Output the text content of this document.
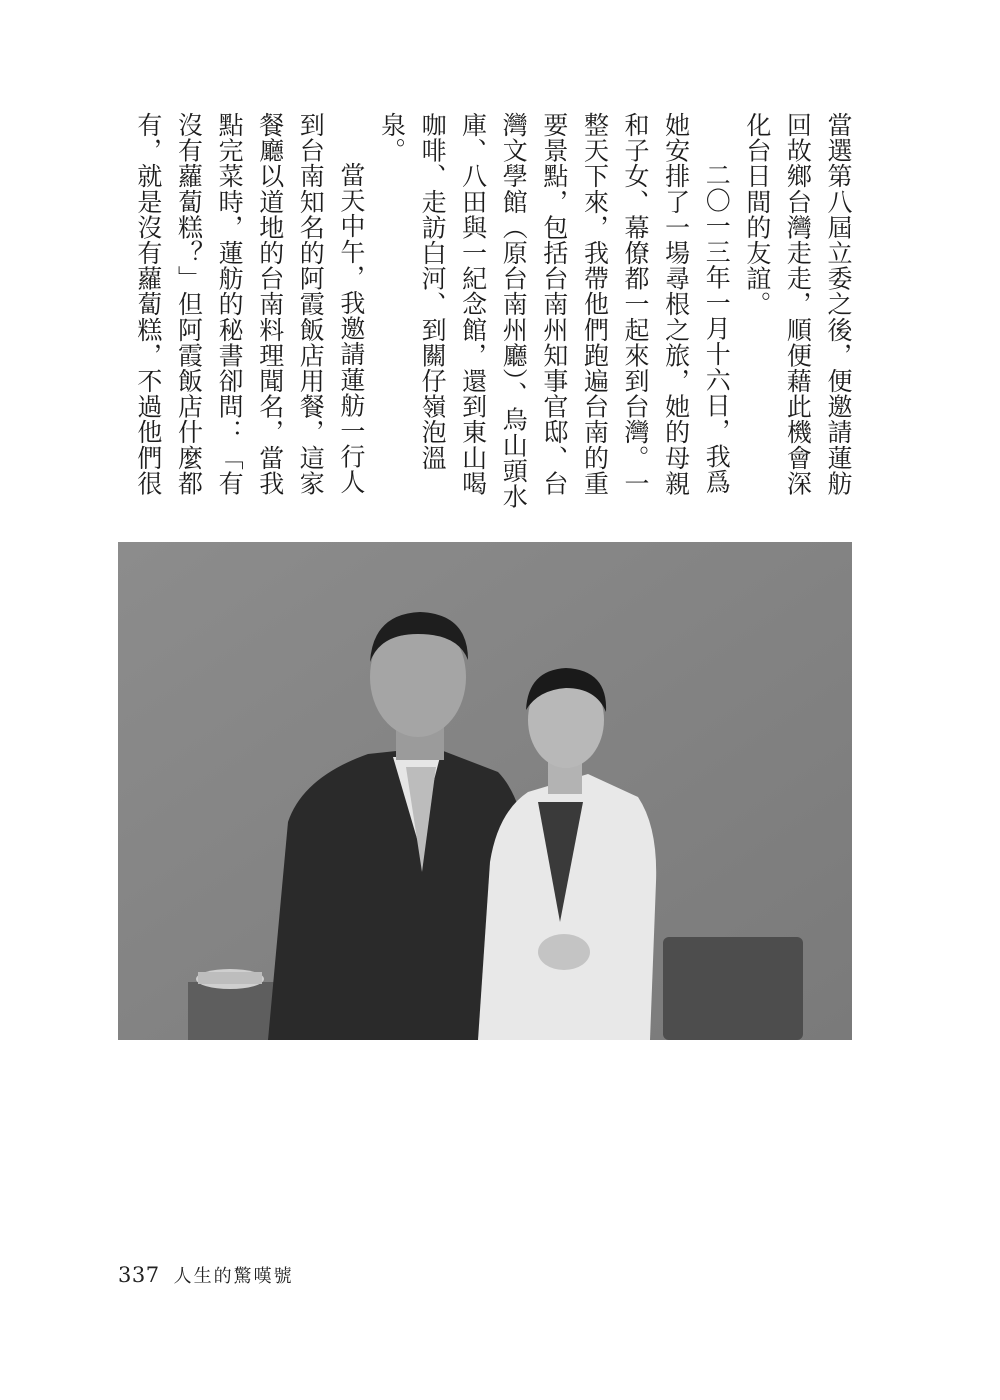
當選第八屆立委之後，便邀請蓮舫回故鄉台灣走走，順便藉此機會深化台日間的友誼。

二〇一三年一月十六日，我爲她安排了一場尋根之旅，她的母親和子女、幕僚都一起來到台灣。一整天下來，我帶他們跑遍台南的重要景點，包括台南州知事官邸、台灣文學館（原台南州廳）、烏山頭水庫、八田與一紀念館，還到東山喝咖啡、走訪白河、到關仔嶺泡溫泉。

當天中午，我邀請蓮舫一行人到台南知名的阿霞飯店用餐，這家餐廳以道地的台南料理聞名，當我點完菜時，蓮舫的秘書卻問：「有沒有蘿蔔糕？」但阿霞飯店什麼都有，就是沒有蘿蔔糕，不過他們很

337 人生的驚嘆號
